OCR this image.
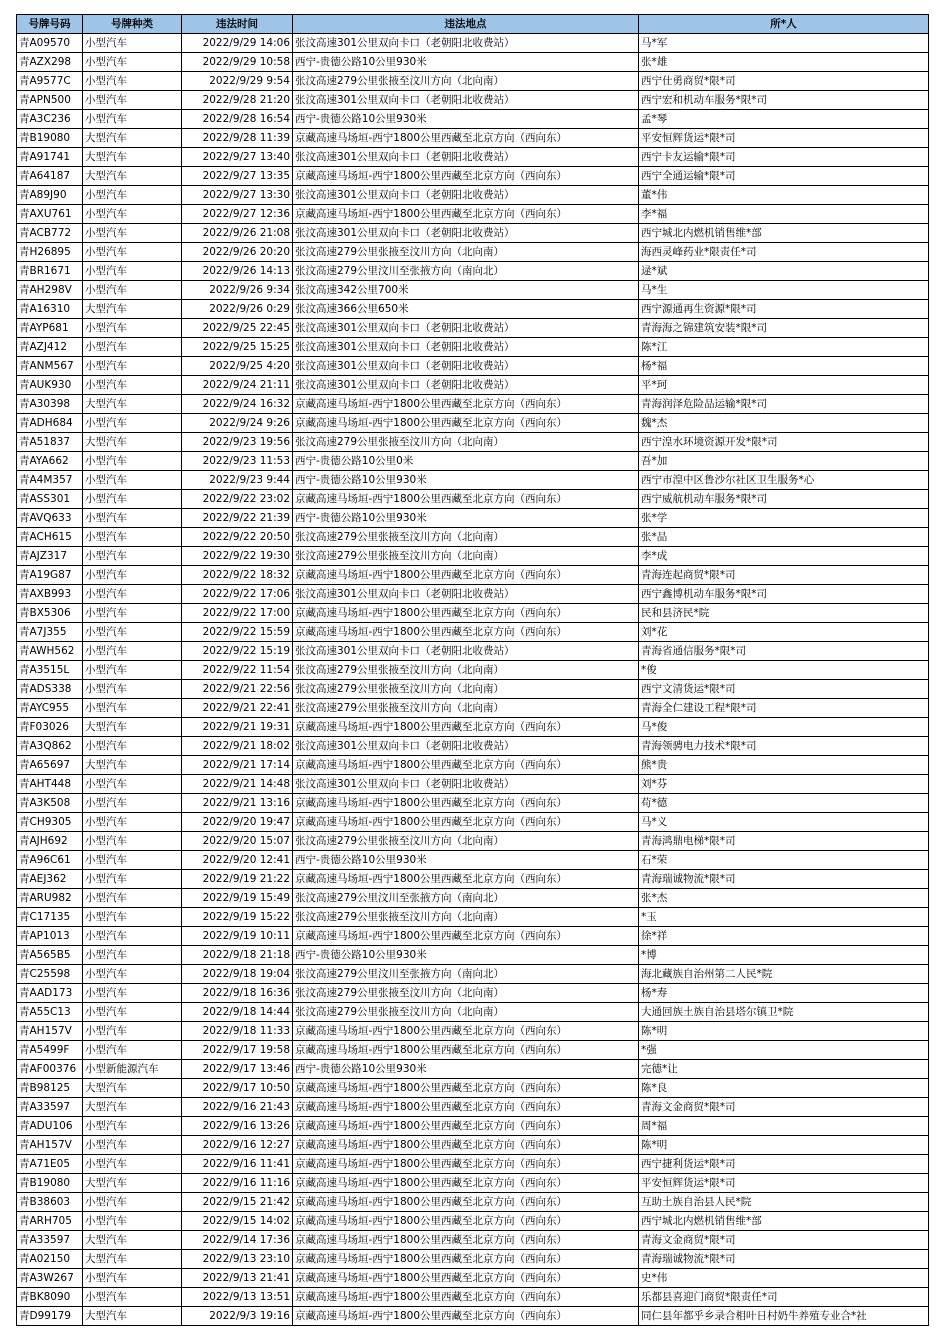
号牌号码	号牌种类	违法时间	违法地点	所*人
青A09570	小型汽车	2022/9/29 14:06	张汶高速301公里双向卡口（老朝阳北收费站）	马*军
青AZX298	小型汽车	2022/9/29 10:58	西宁-贵德公路10公里930米	张*雄
青A9577C	小型汽车	2022/9/29 9:54	张汶高速279公里张掖至汶川方向（北向南）	西宁仕勇商贸*限*司
青APN500	小型汽车	2022/9/28 21:20	张汶高速301公里双向卡口（老朝阳北收费站）	西宁宏和机动车服务*限*司
青A3C236	小型汽车	2022/9/28 16:54	西宁-贵德公路10公里930米	孟*琴
青B19080	大型汽车	2022/9/28 11:39	京藏高速马场垣-西宁1800公里西藏至北京方向（西向东）	平安恒辉货运*限*司
青A91741	大型汽车	2022/9/27 13:40	张汶高速301公里双向卡口（老朝阳北收费站）	西宁卡友运输*限*司
青A64187	大型汽车	2022/9/27 13:35	京藏高速马场垣-西宁1800公里西藏至北京方向（西向东）	西宁全通运输*限*司
青A89J90	小型汽车	2022/9/27 13:30	张汶高速301公里双向卡口（老朝阳北收费站）	董*伟
青AXU761	小型汽车	2022/9/27 12:36	京藏高速马场垣-西宁1800公里西藏至北京方向（西向东）	李*福
青ACB772	小型汽车	2022/9/26 21:08	张汶高速301公里双向卡口（老朝阳北收费站）	西宁城北内燃机销售维*部
青H26895	小型汽车	2022/9/26 20:20	张汶高速279公里张掖至汶川方向（北向南）	海西灵峰药业*限责任*司
青BR1671	小型汽车	2022/9/26 14:13	张汶高速279公里汶川至张掖方向（南向北）	逯*斌
青AH298V	小型汽车	2022/9/26 9:34	张汶高速342公里700米	马*生
青A16310	大型汽车	2022/9/26 0:29	张汶高速366公里650米	西宁源通再生资源*限*司
青AYP681	小型汽车	2022/9/25 22:45	张汶高速301公里双向卡口（老朝阳北收费站）	青海海之锦建筑安装*限*司
青AZJ412	小型汽车	2022/9/25 15:25	张汶高速301公里双向卡口（老朝阳北收费站）	陈*江
青ANM567	小型汽车	2022/9/25 4:20	张汶高速301公里双向卡口（老朝阳北收费站）	杨*福
青AUK930	小型汽车	2022/9/24 21:11	张汶高速301公里双向卡口（老朝阳北收费站）	平*珂
青A30398	大型汽车	2022/9/24 16:32	京藏高速马场垣-西宁1800公里西藏至北京方向（西向东）	青海润泽危险品运输*限*司
青ADH684	小型汽车	2022/9/24 9:26	京藏高速马场垣-西宁1800公里西藏至北京方向（西向东）	魏*杰
青A51837	大型汽车	2022/9/23 19:56	张汶高速279公里张掖至汶川方向（北向南）	西宁湟水环境资源开发*限*司
青AYA662	小型汽车	2022/9/23 11:53	西宁-贵德公路10公里0米	吾*加
青A4M357	小型汽车	2022/9/23 9:44	西宁-贵德公路10公里930米	西宁市湟中区鲁沙尔社区卫生服务*心
青ASS301	小型汽车	2022/9/22 23:02	京藏高速马场垣-西宁1800公里西藏至北京方向（西向东）	西宁威航机动车服务*限*司
青AVQ633	小型汽车	2022/9/22 21:39	西宁-贵德公路10公里930米	张*学
青ACH615	小型汽车	2022/9/22 20:50	张汶高速279公里张掖至汶川方向（北向南）	张*品
青AJZ317	小型汽车	2022/9/22 19:30	张汶高速279公里张掖至汶川方向（北向南）	李*成
青A19G87	小型汽车	2022/9/22 18:32	京藏高速马场垣-西宁1800公里西藏至北京方向（西向东）	青海连起商贸*限*司
青AXB993	小型汽车	2022/9/22 17:06	张汶高速301公里双向卡口（老朝阳北收费站）	西宁鑫博机动车服务*限*司
青BX5306	小型汽车	2022/9/22 17:00	京藏高速马场垣-西宁1800公里西藏至北京方向（西向东）	民和县济民*院
青A7J355	小型汽车	2022/9/22 15:59	京藏高速马场垣-西宁1800公里西藏至北京方向（西向东）	刘*花
青AWH562	小型汽车	2022/9/22 15:19	张汶高速301公里双向卡口（老朝阳北收费站）	青海省通信服务*限*司
青A3515L	小型汽车	2022/9/22 11:54	张汶高速279公里张掖至汶川方向（北向南）	*俊
青ADS338	小型汽车	2022/9/21 22:56	张汶高速279公里张掖至汶川方向（北向南）	西宁文清货运*限*司
青AYC955	小型汽车	2022/9/21 22:41	张汶高速279公里张掖至汶川方向（北向南）	青海全仁建设工程*限*司
青F03026	大型汽车	2022/9/21 19:31	京藏高速马场垣-西宁1800公里西藏至北京方向（西向东）	马*俊
青A3Q862	小型汽车	2022/9/21 18:02	张汶高速301公里双向卡口（老朝阳北收费站）	青海领骋电力技术*限*司
青A65697	大型汽车	2022/9/21 17:14	京藏高速马场垣-西宁1800公里西藏至北京方向（西向东）	熊*贵
青AHT448	小型汽车	2022/9/21 14:48	张汶高速301公里双向卡口（老朝阳北收费站）	刘*芬
青A3K508	小型汽车	2022/9/21 13:16	京藏高速马场垣-西宁1800公里西藏至北京方向（西向东）	苟*德
青CH9305	小型汽车	2022/9/20 19:47	京藏高速马场垣-西宁1800公里西藏至北京方向（西向东）	马*义
青AJH692	小型汽车	2022/9/20 15:07	张汶高速279公里张掖至汶川方向（北向南）	青海鸿鼎电梯*限*司
青A96C61	小型汽车	2022/9/20 12:41	西宁-贵德公路10公里930米	石*荣
青AEJ362	小型汽车	2022/9/19 21:22	京藏高速马场垣-西宁1800公里西藏至北京方向（西向东）	青海瑞诚物流*限*司
青ARU982	小型汽车	2022/9/19 15:49	张汶高速279公里汶川至张掖方向（南向北）	张*杰
青C17135	小型汽车	2022/9/19 15:22	张汶高速279公里张掖至汶川方向（北向南）	*玉
青AP1013	小型汽车	2022/9/19 10:11	京藏高速马场垣-西宁1800公里西藏至北京方向（西向东）	徐*祥
青A565B5	小型汽车	2022/9/18 21:18	西宁-贵德公路10公里930米	*博
青C25598	小型汽车	2022/9/18 19:04	张汶高速279公里汶川至张掖方向（南向北）	海北藏族自治州第二人民*院
青AAD173	小型汽车	2022/9/18 16:36	张汶高速279公里张掖至汶川方向（北向南）	杨*寿
青A55C13	小型汽车	2022/9/18 14:44	张汶高速279公里张掖至汶川方向（北向南）	大通回族土族自治县塔尔镇卫*院
青AH157V	小型汽车	2022/9/18 11:33	京藏高速马场垣-西宁1800公里西藏至北京方向（西向东）	陈*明
青A5499F	小型汽车	2022/9/17 19:58	京藏高速马场垣-西宁1800公里西藏至北京方向（西向东）	*强
青AF00376	小型新能源汽车	2022/9/17 13:46	西宁-贵德公路10公里930米	完德*让
青B98125	大型汽车	2022/9/17 10:50	京藏高速马场垣-西宁1800公里西藏至北京方向（西向东）	陈*良
青A33597	大型汽车	2022/9/16 21:43	京藏高速马场垣-西宁1800公里西藏至北京方向（西向东）	青海文金商贸*限*司
青ADU106	小型汽车	2022/9/16 13:26	京藏高速马场垣-西宁1800公里西藏至北京方向（西向东）	周*福
青AH157V	小型汽车	2022/9/16 12:27	京藏高速马场垣-西宁1800公里西藏至北京方向（西向东）	陈*明
青A71E05	小型汽车	2022/9/16 11:41	京藏高速马场垣-西宁1800公里西藏至北京方向（西向东）	西宁捷利货运*限*司
青B19080	大型汽车	2022/9/16 11:16	京藏高速马场垣-西宁1800公里西藏至北京方向（西向东）	平安恒辉货运*限*司
青B38603	小型汽车	2022/9/15 21:42	京藏高速马场垣-西宁1800公里西藏至北京方向（西向东）	互助土族自治县人民*院
青ARH705	小型汽车	2022/9/15 14:02	京藏高速马场垣-西宁1800公里西藏至北京方向（西向东）	西宁城北内燃机销售维*部
青A33597	大型汽车	2022/9/14 17:36	京藏高速马场垣-西宁1800公里西藏至北京方向（西向东）	青海文金商贸*限*司
青A02150	大型汽车	2022/9/13 23:10	京藏高速马场垣-西宁1800公里西藏至北京方向（西向东）	青海瑞诚物流*限*司
青A3W267	小型汽车	2022/9/13 21:41	京藏高速马场垣-西宁1800公里西藏至北京方向（西向东）	史*伟
青BK8090	小型汽车	2022/9/13 13:51	京藏高速马场垣-西宁1800公里西藏至北京方向（西向东）	乐都县喜迎门商贸*限责任*司
青D99179	大型汽车	2022/9/3 19:16	京藏高速马场垣-西宁1800公里西藏至北京方向（西向东）	同仁县年都乎乡录合相叶日村奶牛养殖专业合*社
